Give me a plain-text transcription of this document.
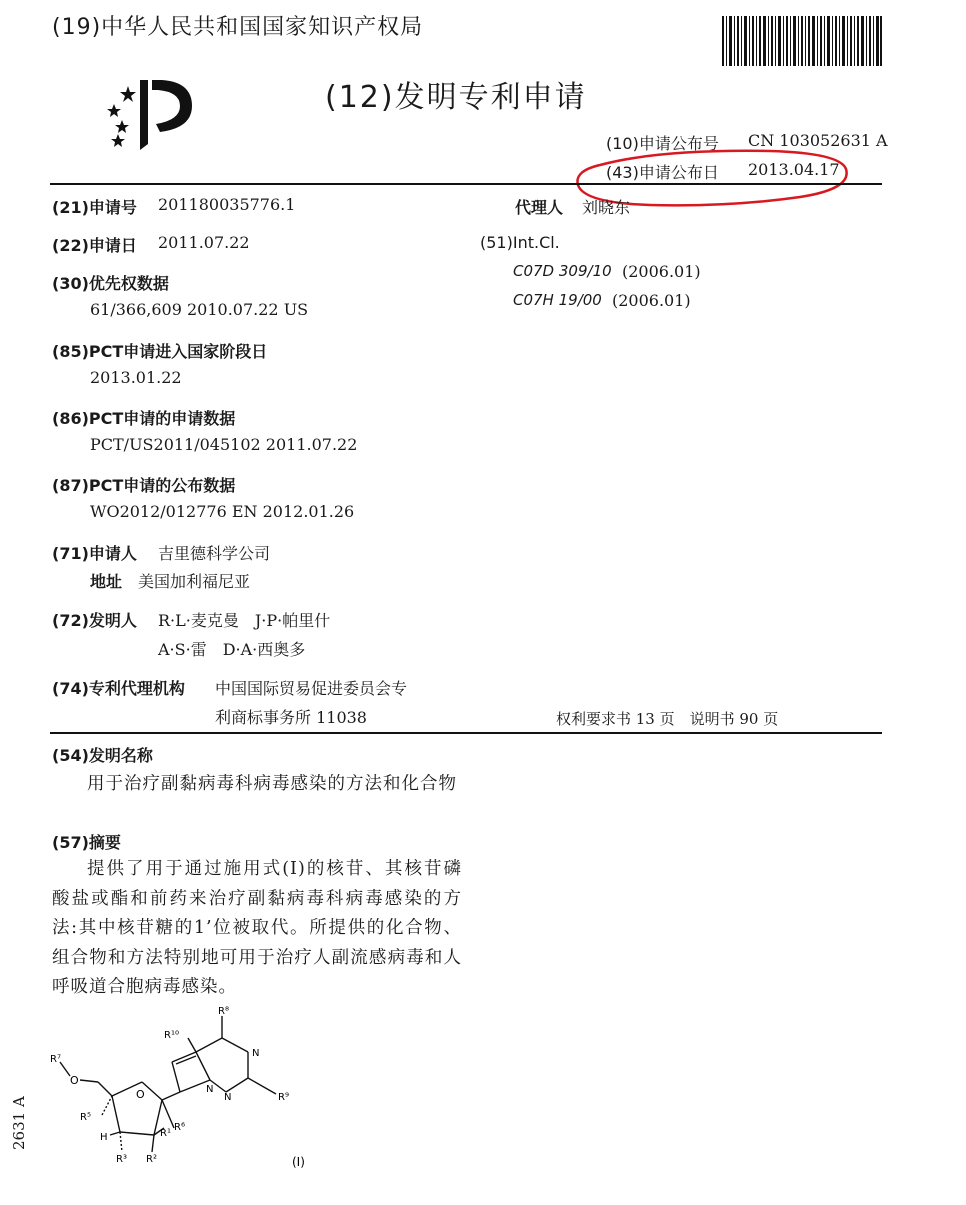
(19)中华人民共和国国家知识产权局
(12)发明专利申请
(10)申请公布号 CN 103052631 A
(43)申请公布日 2013.04.17
(21)申请号 201180035776.1
(22)申请日 2011.07.22
(30)优先权数据
61/366,609 2010.07.22 US
(85)PCT申请进入国家阶段日
2013.01.22
(86)PCT申请的申请数据
PCT/US2011/045102 2011.07.22
(87)PCT申请的公布数据
WO2012/012776 EN 2012.01.26
(71)申请人 吉里德科学公司
地址 美国加利福尼亚
(72)发明人 R·L·麦克曼　J·P·帕里什
A·S·雷　D·A·西奥多
(74)专利代理机构 中国国际贸易促进委员会专
利商标事务所 11038
代理人 刘晓东
(51)Int.Cl.
C07D 309/10 (2006.01)
C07H 19/00 (2006.01)
权利要求书 13 页　说明书 90 页
(54)发明名称

用于治疗副黏病毒科病毒感染的方法和化合物

(57)摘要

提供了用于通过施用式(I)的核苷、其核苷磷酸盐或酯和前药来治疗副黏病毒科病毒感染的方法:其中核苷糖的1’位被取代。所提供的化合物、组合物和方法特别地可用于治疗人副流感病毒和人呼吸道合胞病毒感染。

R⁷
O
R⁵
H
R³ R²
R¹
R⁶
O
R¹⁰
R⁸
N
N
N
R⁹
(I)
2631 A
